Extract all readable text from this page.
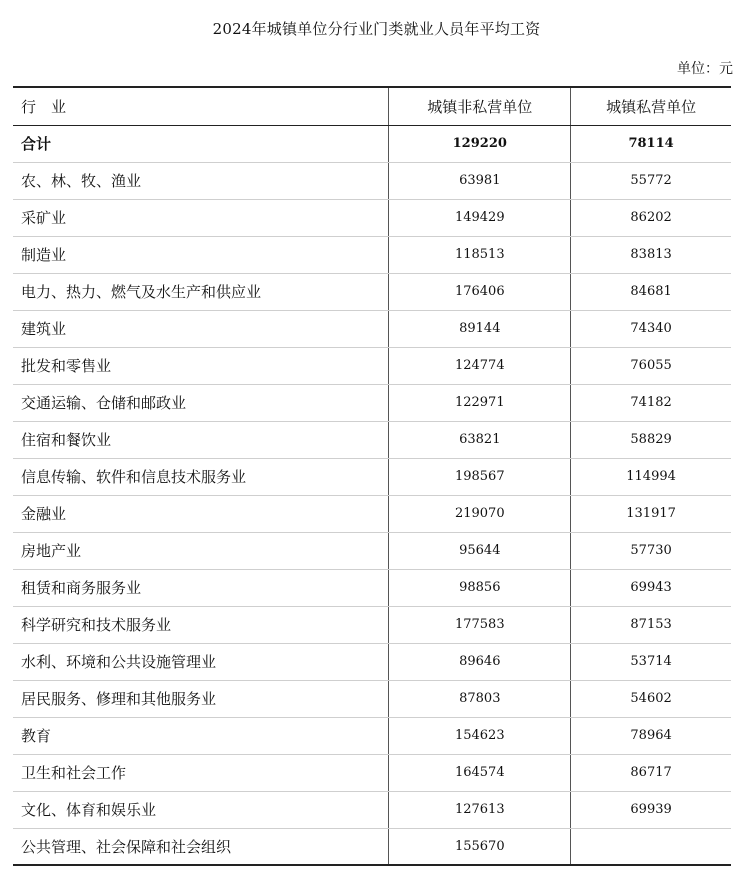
2024年城镇单位分行业门类就业人员年平均工资
单位：元
行　业	城镇非私营单位	城镇私营单位
合计	129220	78114
农、林、牧、渔业	63981	55772
采矿业	149429	86202
制造业	118513	83813
电力、热力、燃气及水生产和供应业	176406	84681
建筑业	89144	74340
批发和零售业	124774	76055
交通运输、仓储和邮政业	122971	74182
住宿和餐饮业	63821	58829
信息传输、软件和信息技术服务业	198567	114994
金融业	219070	131917
房地产业	95644	57730
租赁和商务服务业	98856	69943
科学研究和技术服务业	177583	87153
水利、环境和公共设施管理业	89646	53714
居民服务、修理和其他服务业	87803	54602
教育	154623	78964
卫生和社会工作	164574	86717
文化、体育和娱乐业	127613	69939
公共管理、社会保障和社会组织	155670	
